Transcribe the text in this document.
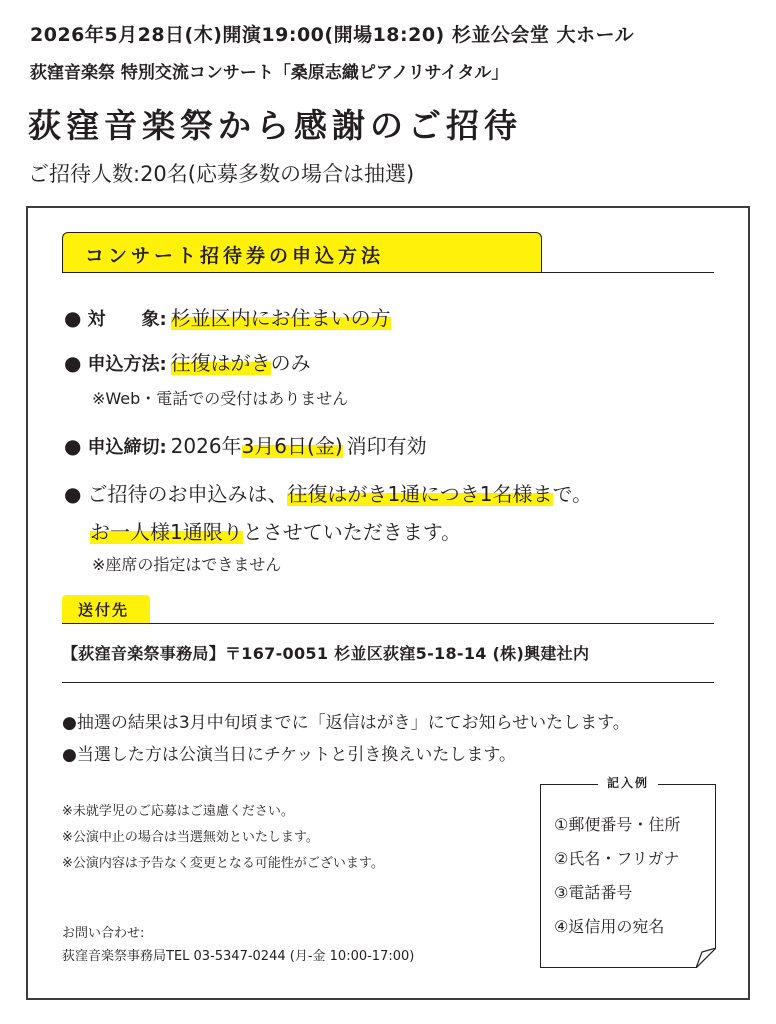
2026年5月28日(木)開演19:00(開場18:20) 杉並公会堂 大ホール
荻窪音楽祭 特別交流コンサート「桑原志織ピアノリサイタル」
荻窪音楽祭から感謝のご招待
ご招待人数:20名(応募多数の場合は抽選)
コンサート招待券の申込方法
● 対　　象: 杉並区内にお住まいの方
● 申込方法: 往復はがきのみ
※Web・電話での受付はありません
● 申込締切: 2026年3月6日(金) 消印有効
● ご招待のお申込みは、往復はがき1通につき1名様まで。
お一人様1通限りとさせていただきます。
※座席の指定はできません
送付先
【荻窪音楽祭事務局】〒167-0051 杉並区荻窪5-18-14 (株)興建社内
●抽選の結果は3月中旬頃までに「返信はがき」にてお知らせいたします。
●当選した方は公演当日にチケットと引き換えいたします。
※未就学児のご応募はご遠慮ください。
※公演中止の場合は当選無効といたします。
※公演内容は予告なく変更となる可能性がございます。
お問い合わせ:
荻窪音楽祭事務局TEL 03-5347-0244 (月-金 10:00-17:00)
記入例
①郵便番号・住所
②氏名・フリガナ
③電話番号
④返信用の宛名
